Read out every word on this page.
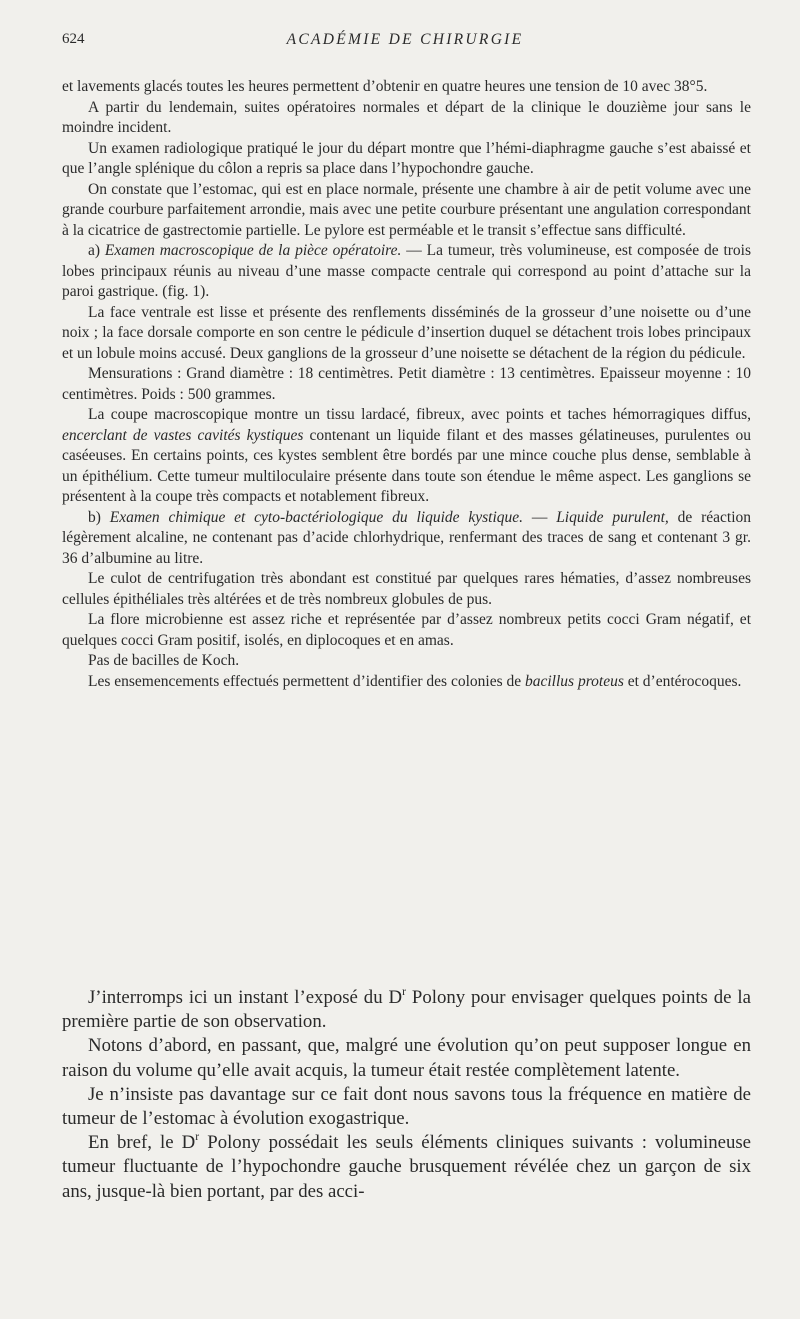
624	ACADÉMIE DE CHIRURGIE

et lavements glacés toutes les heures permettent d’obtenir en quatre heures une tension de 10 avec 38°5.

A partir du lendemain, suites opératoires normales et départ de la clinique le douzième jour sans le moindre incident.

Un examen radiologique pratiqué le jour du départ montre que l’hémi-diaphragme gauche s’est abaissé et que l’angle splénique du côlon a repris sa place dans l’hypochondre gauche.

On constate que l’estomac, qui est en place normale, présente une chambre à air de petit volume avec une grande courbure parfaitement arrondie, mais avec une petite courbure présentant une angulation correspondant à la cicatrice de gastrectomie partielle. Le pylore est perméable et le transit s’effectue sans difficulté.

a) Examen macroscopique de la pièce opératoire. — La tumeur, très volumineuse, est composée de trois lobes principaux réunis au niveau d’une masse compacte centrale qui correspond au point d’attache sur la paroi gastrique. (fig. 1).

La face ventrale est lisse et présente des renflements disséminés de la grosseur d’une noisette ou d’une noix ; la face dorsale comporte en son centre le pédicule d’insertion duquel se détachent trois lobes principaux et un lobule moins accusé. Deux ganglions de la grosseur d’une noisette se détachent de la région du pédicule.

Mensurations : Grand diamètre : 18 centimètres. Petit diamètre : 13 centimètres. Epaisseur moyenne : 10 centimètres. Poids : 500 grammes.

La coupe macroscopique montre un tissu lardacé, fibreux, avec points et taches hémorragiques diffus, encerclant de vastes cavités kystiques contenant un liquide filant et des masses gélatineuses, purulentes ou caséeuses. En certains points, ces kystes semblent être bordés par une mince couche plus dense, semblable à un épithélium. Cette tumeur multiloculaire présente dans toute son étendue le même aspect. Les ganglions se présentent à la coupe très compacts et notablement fibreux.

b) Examen chimique et cyto-bactériologique du liquide kystique. — Liquide purulent, de réaction légèrement alcaline, ne contenant pas d’acide chlorhydrique, renfermant des traces de sang et contenant 3 gr. 36 d’albumine au litre.

Le culot de centrifugation très abondant est constitué par quelques rares hématies, d’assez nombreuses cellules épithéliales très altérées et de très nombreux globules de pus.

La flore microbienne est assez riche et représentée par d’assez nombreux petits cocci Gram négatif, et quelques cocci Gram positif, isolés, en diplocoques et en amas.

Pas de bacilles de Koch.

Les ensemencements effectués permettent d’identifier des colonies de bacillus proteus et d’entérocoques.

J’interromps ici un instant l’exposé du $D^r$ Polony pour envisager quelques points de la première partie de son observation.

Notons d’abord, en passant, que, malgré une évolution qu’on peut supposer longue en raison du volume qu’elle avait acquis, la tumeur était restée complètement latente.

Je n’insiste pas davantage sur ce fait dont nous savons tous la fréquence en matière de tumeur de l’estomac à évolution exogastrique.

En bref, le $D^r$ Polony possédait les seuls éléments cliniques suivants : volumineuse tumeur fluctuante de l’hypochondre gauche brusquement révélée chez un garçon de six ans, jusque-là bien portant, par des acci-
